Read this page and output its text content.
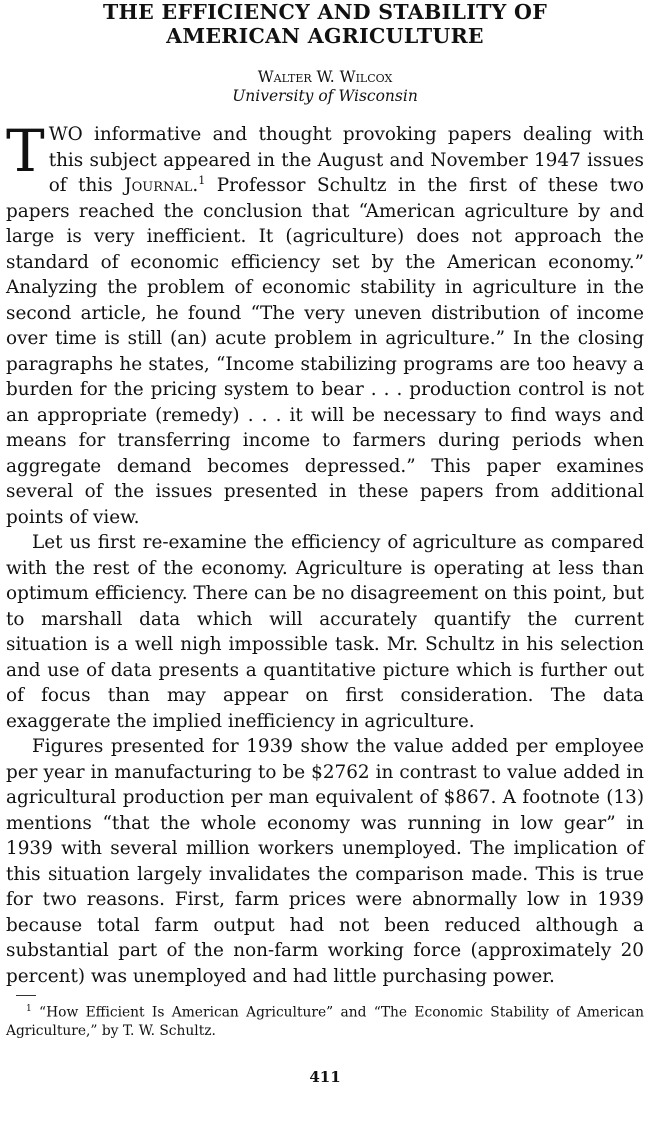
THE EFFICIENCY AND STABILITY OF
AMERICAN AGRICULTURE
Walter W. Wilcox
University of Wisconsin

TWO informative and thought provoking papers dealing with this subject appeared in the August and November 1947 issues of this Journal.$^1$ Professor Schultz in the first of these two papers reached the conclusion that “American agriculture by and large is very inefficient. It (agriculture) does not approach the standard of economic efficiency set by the American economy.” Analyzing the problem of economic stability in agriculture in the second article, he found “The very uneven distribution of income over time is still (an) acute problem in agriculture.” In the closing paragraphs he states, “Income stabilizing programs are too heavy a burden for the pricing system to bear . . . production control is not an appropriate (remedy) . . . it will be necessary to find ways and means for transferring income to farmers during periods when aggregate demand becomes depressed.” This paper examines several of the issues presented in these papers from additional points of view.

Let us first re-examine the efficiency of agriculture as compared with the rest of the economy. Agriculture is operating at less than optimum efficiency. There can be no disagreement on this point, but to marshall data which will accurately quantify the current situation is a well nigh impossible task. Mr. Schultz in his selection and use of data presents a quantitative picture which is further out of focus than may appear on first consideration. The data exaggerate the implied inefficiency in agriculture.

Figures presented for 1939 show the value added per employee per year in manufacturing to be $2762 in contrast to value added in agricultural production per man equivalent of $867. A footnote (13) mentions “that the whole economy was running in low gear” in 1939 with several million workers unemployed. The implication of this situation largely invalidates the comparison made. This is true for two reasons. First, farm prices were abnormally low in 1939 because total farm output had not been reduced although a substantial part of the non-farm working force (approximately 20 percent) was unemployed and had little purchasing power.

$^1$ “How Efficient Is American Agriculture” and “The Economic Stability of American Agriculture,” by T. W. Schultz.

411
